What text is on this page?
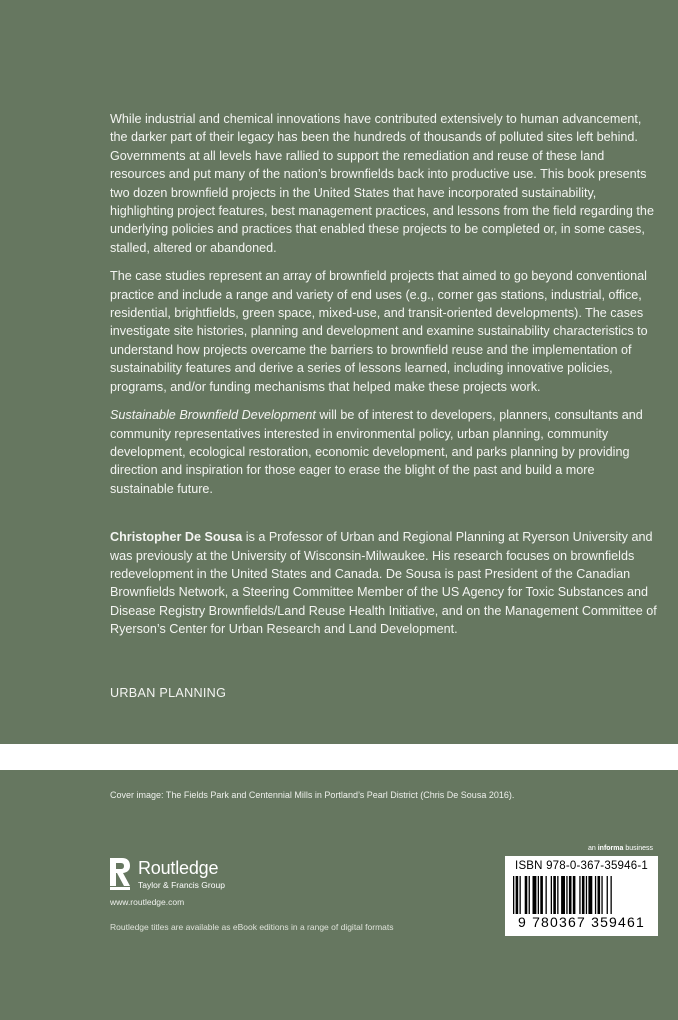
While industrial and chemical innovations have contributed extensively to human advancement, the darker part of their legacy has been the hundreds of thousands of polluted sites left behind. Governments at all levels have rallied to support the remediation and reuse of these land resources and put many of the nation’s brownfields back into productive use. This book presents two dozen brownfield projects in the United States that have incorporated sustainability, highlighting project features, best management practices, and lessons from the field regarding the underlying policies and practices that enabled these projects to be completed or, in some cases, stalled, altered or abandoned.

The case studies represent an array of brownfield projects that aimed to go beyond conventional practice and include a range and variety of end uses (e.g., corner gas stations, industrial, office, residential, brightfields, green space, mixed-use, and transit-oriented developments). The cases investigate site histories, planning and development and examine sustainability characteristics to understand how projects overcame the barriers to brownfield reuse and the implementation of sustainability features and derive a series of lessons learned, including innovative policies, programs, and/or funding mechanisms that helped make these projects work.

Sustainable Brownfield Development will be of interest to developers, planners, consultants and community representatives interested in environmental policy, urban planning, community development, ecological restoration, economic development, and parks planning by providing direction and inspiration for those eager to erase the blight of the past and build a more sustainable future.

Christopher De Sousa is a Professor of Urban and Regional Planning at Ryerson University and was previously at the University of Wisconsin-Milwaukee. His research focuses on brownfields redevelopment in the United States and Canada. De Sousa is past President of the Canadian Brownfields Network, a Steering Committee Member of the US Agency for Toxic Substances and Disease Registry Brownfields/Land Reuse Health Initiative, and on the Management Committee of Ryerson’s Center for Urban Research and Land Development.

URBAN PLANNING
Cover image: The Fields Park and Centennial Mills in Portland’s Pearl District (Chris De Sousa 2016).
an informa business
Routledge
Taylor & Francis Group
www.routledge.com
Routledge titles are available as eBook editions in a range of digital formats
ISBN 978-0-367-35946-1
9 780367 359461
